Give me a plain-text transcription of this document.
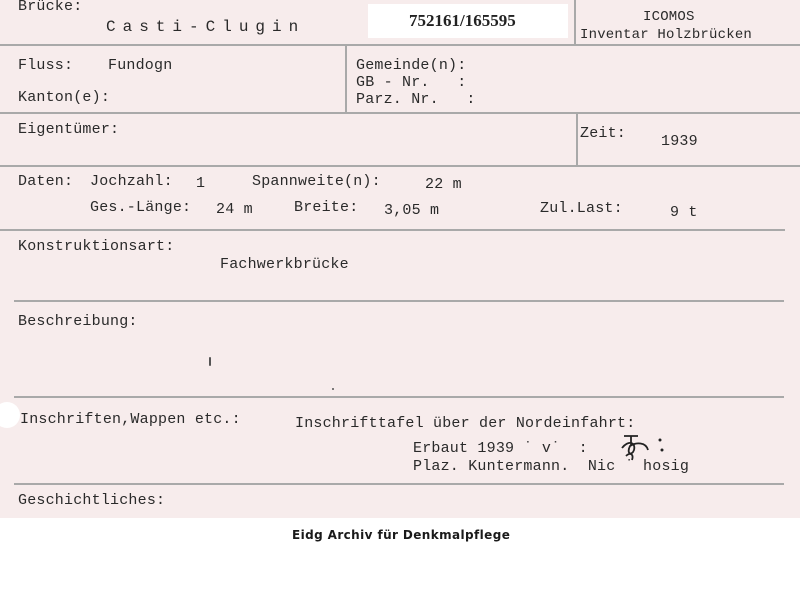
Brücke:
Casti-Clugin	752161/165595	ICOMOS
Inventar Holzbrücken
Fluss: Fundogn
Kanton(e):
Gemeinde(n):
GB - Nr.   :
Parz. Nr.   :
Eigentümer:	Zeit: 1939
Daten: Jochzahl: 1	Spannweite(n):	22 m
Ges.-Länge: 24 m	Breite: 3,05 m	Zul.Last:	9 t
Konstruktionsart:
Fachwerkbrücke
Beschreibung:
Inschriften,Wappen etc.:	Inschrifttafel über der Nordeinfahrt:
Erbaut 1939 ˙ v˙  :
Plaz. Kuntermann.  Nic ˙ hosig
Geschichtliches:
Eidg Archiv für Denkmalpflege
